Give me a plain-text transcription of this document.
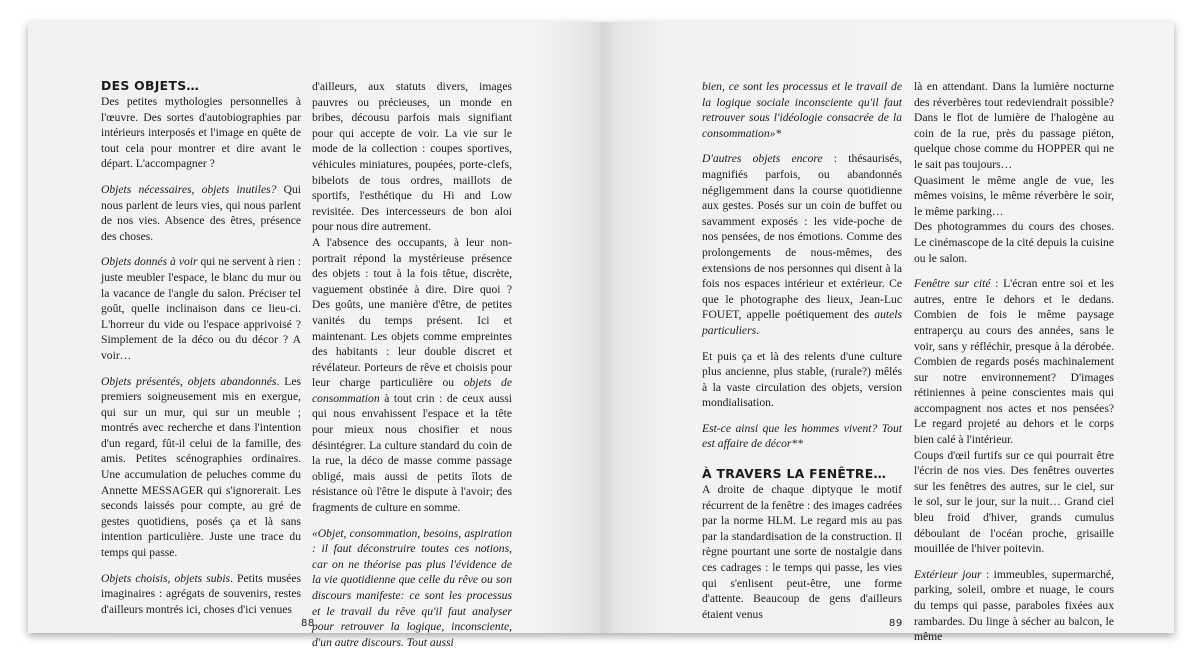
DES OBJETS…

Des petites mythologies personnelles à l'œuvre. Des sortes d'autobiographies par intérieurs interposés et l'image en quête de tout cela pour montrer et dire avant le départ. L'accompagner ?

Objets nécessaires, objets inutiles? Qui nous parlent de leurs vies, qui nous parlent de nos vies. Absence des êtres, présence des choses.

Objets donnés à voir qui ne servent à rien : juste meubler l'espace, le blanc du mur ou la vacance de l'angle du salon. Préciser tel goût, quelle inclinaison dans ce lieu-ci. L'horreur du vide ou l'espace apprivoisé ? Simplement de la déco ou du décor ? A voir…

Objets présentés, objets abandonnés. Les premiers soigneusement mis en exergue, qui sur un mur, qui sur un meuble ; montrés avec recherche et dans l'intention d'un regard, fût-il celui de la famille, des amis. Petites scénographies ordinaires. Une accumulation de peluches comme du Annette MESSAGER qui s'ignorerait. Les seconds laissés pour compte, au gré de gestes quotidiens, posés ça et là sans intention particulière. Juste une trace du temps qui passe.

Objets choisis, objets subis. Petits musées imaginaires : agrégats de souvenirs, restes d'ailleurs montrés ici, choses d'ici venues

d'ailleurs, aux statuts divers, images pauvres ou précieuses, un monde en bribes, décousu parfois mais signifiant pour qui accepte de voir. La vie sur le mode de la collection : coupes sportives, véhicules miniatures, poupées, porte-clefs, bibelots de tous ordres, maillots de sportifs, l'esthétique du Hi and Low revisitée. Des intercesseurs de bon aloi pour nous dire autrement.

A l'absence des occupants, à leur non-portrait répond la mystérieuse présence des objets : tout à la fois têtue, discrète, vaguement obstinée à dire. Dire quoi ? Des goûts, une manière d'être, de petites vanités du temps présent. Ici et maintenant. Les objets comme empreintes des habitants : leur double discret et révélateur. Porteurs de rêve et choisis pour leur charge particulière ou objets de consommation à tout crin : de ceux aussi qui nous envahissent l'espace et la tête pour mieux nous chosifier et nous désintégrer. La culture standard du coin de la rue, la déco de masse comme passage obligé, mais aussi de petits îlots de résistance où l'être le dispute à l'avoir; des fragments de culture en somme.

«Objet, consommation, besoins, aspiration : il faut déconstruire toutes ces notions, car on ne théorise pas plus l'évidence de la vie quotidienne que celle du rêve ou son discours manifeste: ce sont les processus et le travail du rêve qu'il faut analyser pour retrouver la logique, inconsciente, d'un autre discours. Tout aussi

88

bien, ce sont les processus et le travail de la logique sociale inconsciente qu'il faut retrouver sous l'idéologie consacrée de la consommation»*

D'autres objets encore : thésaurisés, magnifiés parfois, ou abandonnés négligemment dans la course quotidienne aux gestes. Posés sur un coin de buffet ou savamment exposés : les vide-poche de nos pensées, de nos émotions. Comme des prolongements de nous-mêmes, des extensions de nos personnes qui disent à la fois nos espaces intérieur et extérieur. Ce que le photographe des lieux, Jean-Luc FOUET, appelle poétiquement des autels particuliers.

Et puis ça et là des relents d'une culture plus ancienne, plus stable, (rurale?) mêlés à la vaste circulation des objets, version mondialisation.

Est-ce ainsi que les hommes vivent? Tout est affaire de décor**

À TRAVERS LA FENÊTRE…

A droite de chaque diptyque le motif récurrent de la fenêtre : des images cadrées par la norme HLM. Le regard mis au pas par la standardisation de la construction. Il règne pourtant une sorte de nostalgie dans ces cadrages : le temps qui passe, les vies qui s'enlisent peut-être, une forme d'attente. Beaucoup de gens d'ailleurs étaient venus

là en attendant. Dans la lumière nocturne des réverbères tout redeviendrait possible? Dans le flot de lumière de l'halogène au coin de la rue, près du passage piéton, quelque chose comme du HOPPER qui ne le sait pas toujours…

Quasiment le même angle de vue, les mêmes voisins, le même réverbère le soir, le même parking…

Des photogrammes du cours des choses. Le cinémascope de la cité depuis la cuisine ou le salon.

Fenêtre sur cité : L'écran entre soi et les autres, entre le dehors et le dedans. Combien de fois le même paysage entraperçu au cours des années, sans le voir, sans y réfléchir, presque à la dérobée. Combien de regards posés machinalement sur notre environnement? D'images rétiniennes à peine conscientes mais qui accompagnent nos actes et nos pensées? Le regard projeté au dehors et le corps bien calé à l'intérieur.

Coups d'œil furtifs sur ce qui pourrait être l'écrin de nos vies. Des fenêtres ouvertes sur les fenêtres des autres, sur le ciel, sur le sol, sur le jour, sur la nuit… Grand ciel bleu froid d'hiver, grands cumulus déboulant de l'océan proche, grisaille mouillée de l'hiver poitevin.

Extérieur jour : immeubles, supermarché, parking, soleil, ombre et nuage, le cours du temps qui passe, paraboles fixées aux rambardes. Du linge à sécher au balcon, le même

89
